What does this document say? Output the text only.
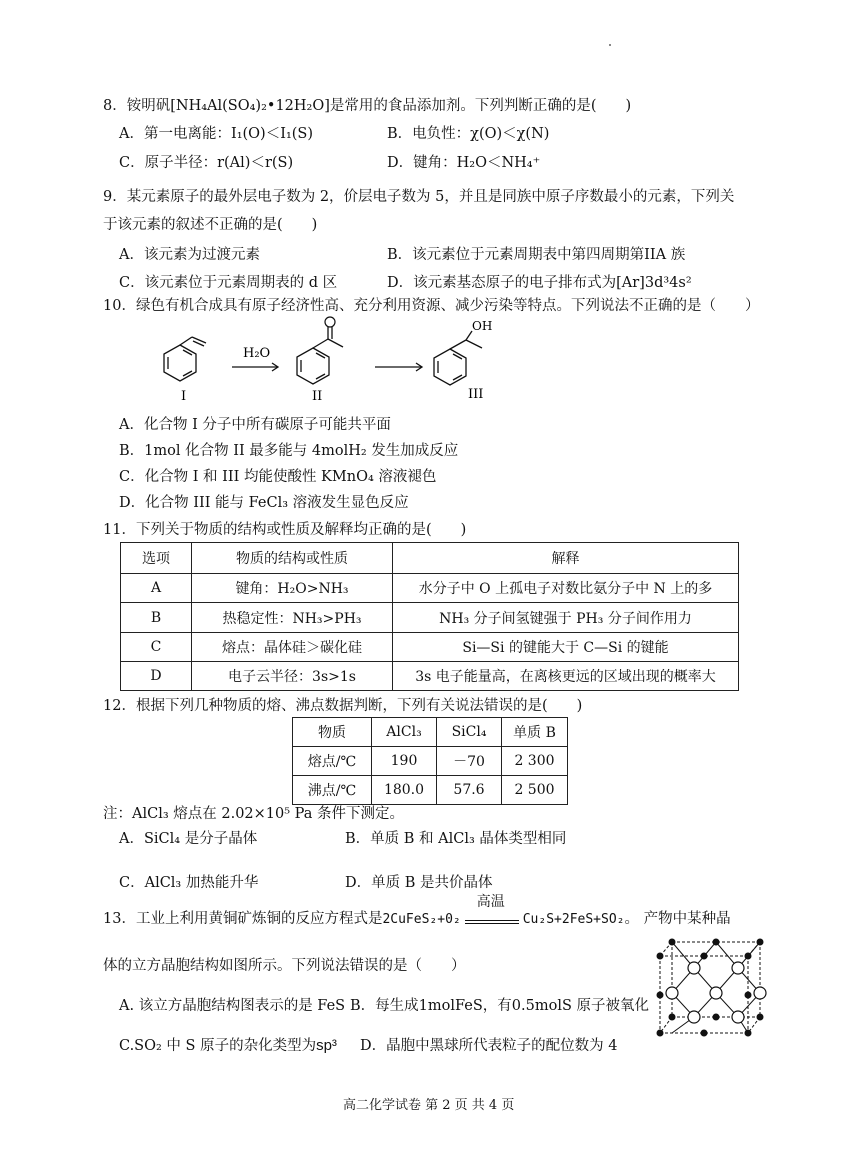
8．铵明矾[NH₄Al(SO₄)₂•12H₂O]是常用的食品添加剂。下列判断正确的是(　　)
A．第一电离能：I₁(O)＜I₁(S)	B．电负性：χ(O)＜χ(N)
C．原子半径：r(Al)＜r(S)	D．键角：H₂O＜NH₄⁺
9．某元素原子的最外层电子数为 2，价层电子数为 5，并且是同族中原子序数最小的元素，下列关
于该元素的叙述不正确的是(　　)
A．该元素为过渡元素	B．该元素位于元素周期表中第四周期第IIA 族
C．该元素位于元素周期表的 d 区	D．该元素基态原子的电子排布式为[Ar]3d³4s²
10．绿色有机合成具有原子经济性高、充分利用资源、减少污染等特点。下列说法不正确的是（　　）
H₂O
OH
I	II	III
A．化合物 I 分子中所有碳原子可能共平面
B．1mol 化合物 II 最多能与 4molH₂ 发生加成反应
C．化合物 I 和 III 均能使酸性 KMnO₄ 溶液褪色
D．化合物 III 能与 FeCl₃ 溶液发生显色反应
11．下列关于物质的结构或性质及解释均正确的是(　　)
选项	物质的结构或性质	解释
A	键角：H₂O>NH₃	水分子中 O 上孤电子对数比氨分子中 N 上的多
B	热稳定性：NH₃>PH₃	NH₃ 分子间氢键强于 PH₃ 分子间作用力
C	熔点：晶体硅＞碳化硅	Si—Si 的键能大于 C—Si 的键能
D	电子云半径：3s>1s	3s 电子能量高，在离核更远的区域出现的概率大
12．根据下列几种物质的熔、沸点数据判断，下列有关说法错误的是(　　)
物质	AlCl₃	SiCl₄	单质 B
熔点/℃	190	－70	2 300
沸点/℃	180.0	57.6	2 500
注：AlCl₃ 熔点在 2.02×10⁵ Pa 条件下测定。
A．SiCl₄ 是分子晶体	B．单质 B 和 AlCl₃ 晶体类型相同
C．AlCl₃ 加热能升华	D．单质 B 是共价晶体
13．工业上利用黄铜矿炼铜的反应方程式是2CuFeS₂+0₂
高温
Cu₂S+2FeS+SO₂。 产物中某种晶
体的立方晶胞结构如图所示。下列说法错误的是（　　）
A. 该立方晶胞结构图表示的是 FeS B．每生成1molFeS，有0.5molS 原子被氧化
C.SO₂ 中 S 原子的杂化类型为sp³ D．晶胞中黑球所代表粒子的配位数为 4
高二化学试卷 第 2 页 共 4 页
